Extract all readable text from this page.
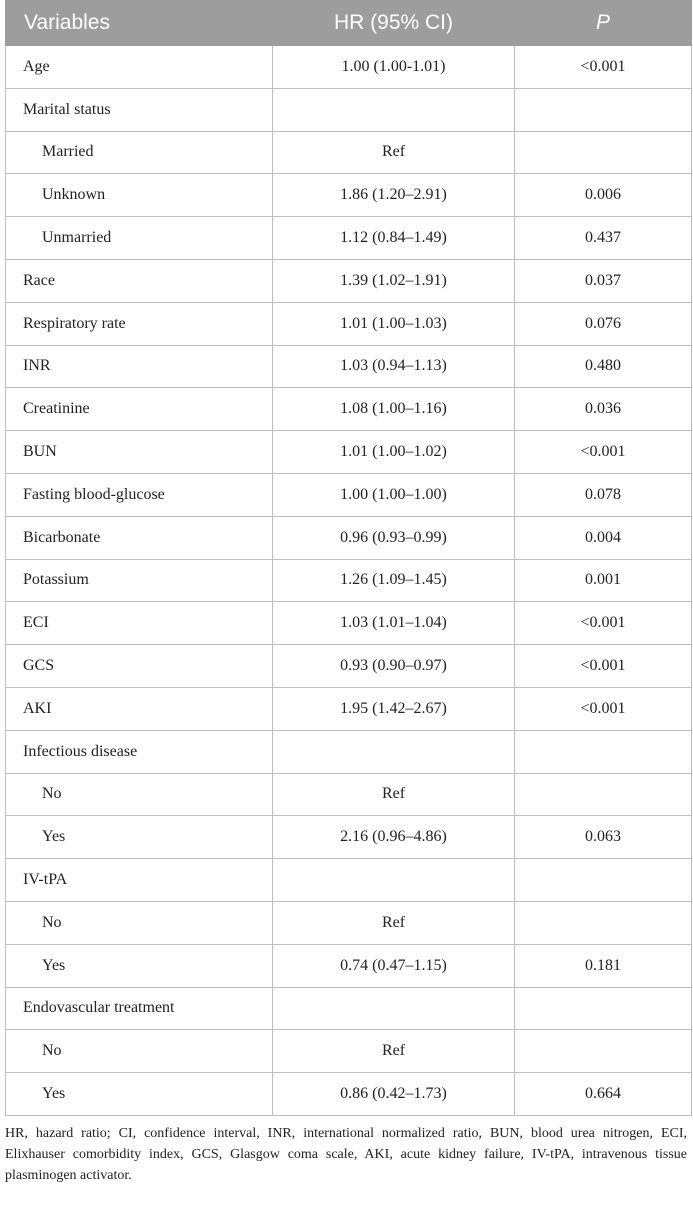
Variables	HR (95% CI)	P
Age	1.00 (1.00-1.01)	<0.001
Marital status		
Married	Ref	
Unknown	1.86 (1.20–2.91)	0.006
Unmarried	1.12 (0.84–1.49)	0.437
Race	1.39 (1.02–1.91)	0.037
Respiratory rate	1.01 (1.00–1.03)	0.076
INR	1.03 (0.94–1.13)	0.480
Creatinine	1.08 (1.00–1.16)	0.036
BUN	1.01 (1.00–1.02)	<0.001
Fasting blood-glucose	1.00 (1.00–1.00)	0.078
Bicarbonate	0.96 (0.93–0.99)	0.004
Potassium	1.26 (1.09–1.45)	0.001
ECI	1.03 (1.01–1.04)	<0.001
GCS	0.93 (0.90–0.97)	<0.001
AKI	1.95 (1.42–2.67)	<0.001
Infectious disease		
No	Ref	
Yes	2.16 (0.96–4.86)	0.063
IV-tPA		
No	Ref	
Yes	0.74 (0.47–1.15)	0.181
Endovascular treatment		
No	Ref	
Yes	0.86 (0.42–1.73)	0.664
HR, hazard ratio; CI, confidence interval, INR, international normalized ratio, BUN, blood urea nitrogen, ECI, Elixhauser comorbidity index, GCS, Glasgow coma scale, AKI, acute kidney failure, IV-tPA, intravenous tissue plasminogen activator.
